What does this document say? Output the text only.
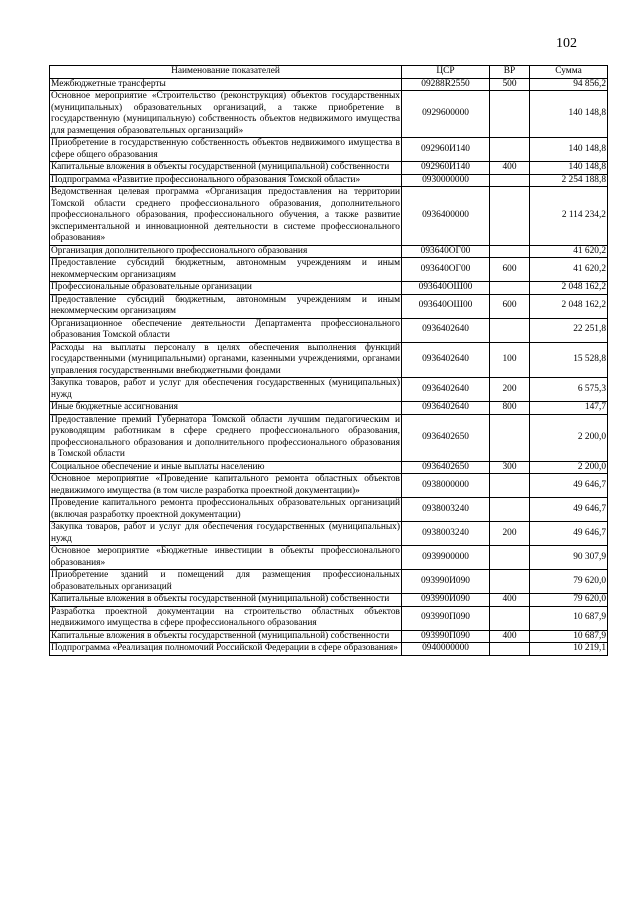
102
Наименование показателей	ЦСР	ВР	Сумма
Межбюджетные трансферты	09288R2550	500	94 856,2
Основное мероприятие «Строительство (реконструкция) объектов государственных (муниципальных) образовательных организаций, а также приобретение в государственную (муниципальную) собственность объектов недвижимого имущества для размещения образовательных организаций»	0929600000		140 148,8
Приобретение в государственную собственность объектов недвижимого имущества в сфере общего образования	092960И140		140 148,8
Капитальные вложения в объекты государственной (муниципальной) собственности	092960И140	400	140 148,8
Подпрограмма «Развитие профессионального образования Томской области»	0930000000		2 254 188,8
Ведомственная целевая программа «Организация предоставления на территории Томской области среднего профессионального образования, дополнительного профессионального образования, профессионального обучения, а также развитие экспериментальной и инновационной деятельности в системе профессионального образования»	0936400000		2 114 234,2
Организация дополнительного профессионального образования	093640ОГ00		41 620,2
Предоставление субсидий бюджетным, автономным учреждениям и иным некоммерческим организациям	093640ОГ00	600	41 620,2
Профессиональные образовательные организации	093640ОШ00		2 048 162,2
Предоставление субсидий бюджетным, автономным учреждениям и иным некоммерческим организациям	093640ОШ00	600	2 048 162,2
Организационное обеспечение деятельности Департамента профессионального образования Томской области	0936402640		22 251,8
Расходы на выплаты персоналу в целях обеспечения выполнения функций государственными (муниципальными) органами, казенными учреждениями, органами управления государственными внебюджетными фондами	0936402640	100	15 528,8
Закупка товаров, работ и услуг для обеспечения государственных (муниципальных) нужд	0936402640	200	6 575,3
Иные бюджетные ассигнования	0936402640	800	147,7
Предоставление премий Губернатора Томской области лучшим педагогическим и руководящим работникам в сфере среднего профессионального образования, профессионального образования и дополнительного профессионального образования в Томской области	0936402650		2 200,0
Социальное обеспечение и иные выплаты населению	0936402650	300	2 200,0
Основное мероприятие «Проведение капитального ремонта областных объектов недвижимого имущества (в том числе разработка проектной документации)»	0938000000		49 646,7
Проведение капитального ремонта профессиональных образовательных организаций (включая разработку проектной документации)	0938003240		49 646,7
Закупка товаров, работ и услуг для обеспечения государственных (муниципальных) нужд	0938003240	200	49 646,7
Основное мероприятие «Бюджетные инвестиции в объекты профессионального образования»	0939900000		90 307,9
Приобретение зданий и помещений для размещения профессиональных образовательных организаций	093990И090		79 620,0
Капитальные вложения в объекты государственной (муниципальной) собственности	093990И090	400	79 620,0
Разработка проектной документации на строительство областных объектов недвижимого имущества в сфере профессионального образования	093990П090		10 687,9
Капитальные вложения в объекты государственной (муниципальной) собственности	093990П090	400	10 687,9
Подпрограмма «Реализация полномочий Российской Федерации в сфере образования»	0940000000		10 219,1
